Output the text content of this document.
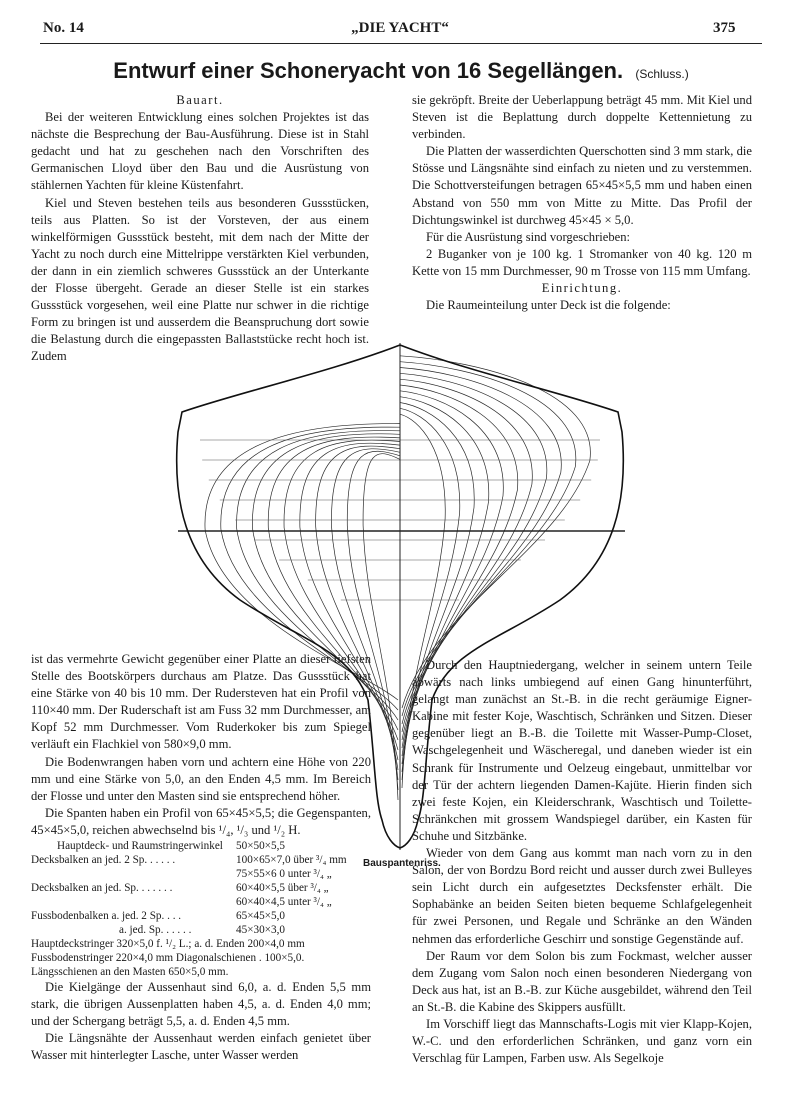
No. 14	„DIE YACHT“	375
Entwurf einer Schoneryacht von 16 Segellängen. (Schluss.)
Bauart.

Bei der weiteren Entwicklung eines solchen Projektes ist das nächste die Besprechung der Bau-Ausführung. Diese ist in Stahl gedacht und hat zu geschehen nach den Vorschriften des Germanischen Lloyd über den Bau und die Ausrüstung von stählernen Yachten für kleine Küstenfahrt.

Kiel und Steven bestehen teils aus besonderen Gussstücken, teils aus Platten. So ist der Vorsteven, der aus einem winkelförmigen Gussstück besteht, mit dem nach der Mitte der Yacht zu noch durch eine Mittelrippe verstärkten Kiel verbunden, der dann in ein ziemlich schweres Gussstück an der Unterkante der Flosse übergeht. Gerade an dieser Stelle ist ein starkes Gussstück vorgesehen, weil eine Platte nur schwer in die richtige Form zu bringen ist und ausserdem die Beanspruchung dort sowie die Belastung durch die eingepassten Ballaststücke recht hoch ist. Zudem

sie gekröpft. Breite der Ueberlappung beträgt 45 mm. Mit Kiel und Steven ist die Beplattung durch doppelte Kettennietung zu verbinden.

Die Platten der wasserdichten Querschotten sind 3 mm stark, die Stösse und Längsnähte sind einfach zu nieten und zu verstemmen. Die Schottversteifungen betragen 65×45×5,5 mm und haben einen Abstand von 550 mm von Mitte zu Mitte. Das Profil der Dichtungswinkel ist durchweg 45×45 × 5,0.

Für die Ausrüstung sind vorgeschrieben:

2 Buganker von je 100 kg. 1 Stromanker von 40 kg. 120 m Kette von 15 mm Durchmesser, 90 m Trosse von 115 mm Umfang.

Einrichtung.

Die Raumeinteilung unter Deck ist die folgende:

Bauspantenriss.

ist das vermehrte Gewicht gegenüber einer Platte an dieser tiefsten Stelle des Bootskörpers durchaus am Platze. Das Gussstück hat eine Stärke von 40 bis 10 mm. Der Rudersteven hat ein Profil von 110×40 mm. Der Ruderschaft ist am Fuss 32 mm Durchmesser, am Kopf 52 mm Durchmesser. Vom Ruderkoker bis zum Spiegel verläuft ein Flachkiel von 580×9,0 mm.

Die Bodenwrangen haben vorn und achtern eine Höhe von 220 mm und eine Stärke von 5,0, an den Enden 4,5 mm. Im Bereich der Flosse und unter den Masten sind sie entsprechend höher.

Die Spanten haben ein Profil von 65×45×5,5; die Gegenspanten, 45×45×5,0, reichen abwechselnd bis ¹/₄, ¹/₃ und ¹/₂ H.

Hauptdeck- und Raumstringerwinkel	50×50×5,5
Decksbalken an jed. 2 Sp. . . . . .	100×65×7,0 über ³/₄ mm
75×55×6 0 unter ³/₄ „
Decksbalken an jed. Sp. . . . . . .	60×40×5,5 über ³/₄ „
60×40×4,5 unter ³/₄ „
Fussbodenbalken a. jed. 2 Sp. . . .	65×45×5,0
a. jed. Sp. . . . . .	45×30×3,0
Hauptdeckstringer 320×5,0 f. ¹/₂ L.; a. d. Enden 200×4,0 mm
Fussbodenstringer 220×4,0 mm Diagonalschienen . 100×5,0.
Längsschienen an den Masten 650×5,0 mm.

Die Kielgänge der Aussenhaut sind 6,0, a. d. Enden 5,5 mm stark, die übrigen Aussenplatten haben 4,5, a. d. Enden 4,0 mm; und der Schergang beträgt 5,5, a. d. Enden 4,5 mm.

Die Längsnähte der Aussenhaut werden einfach genietet über Wasser mit hinterlegter Lasche, unter Wasser werden

Durch den Hauptniedergang, welcher in seinem untern Teile abwärts nach links umbiegend auf einen Gang hinunterführt, gelangt man zunächst an St.-B. in die recht geräumige Eigner-Kabine mit fester Koje, Waschtisch, Schränken und Sitzen. Dieser gegenüber liegt an B.-B. die Toilette mit Wasser-Pump-Closet, Waschgelegenheit und Wäscheregal, und daneben wieder ist ein Schrank für Instrumente und Oelzeug eingebaut, unmittelbar vor der Tür der achtern liegenden Damen-Kajüte. Hierin finden sich zwei feste Kojen, ein Kleiderschrank, Waschtisch und Toilette-Schränkchen mit grossem Wandspiegel darüber, ein Kasten für Schuhe und Sitzbänke.

Wieder von dem Gang aus kommt man nach vorn zu in den Salon, der von Bordzu Bord reicht und ausser durch zwei Bulleyes sein Licht durch ein aufgesetztes Decksfenster erhält. Die Sophabänke an beiden Seiten bieten bequeme Schlafgelegenheit für zwei Personen, und Regale und Schränke an den Wänden nehmen das erforderliche Geschirr und sonstige Gegenstände auf.

Der Raum vor dem Solon bis zum Fockmast, welcher ausser dem Zugang vom Salon noch einen besonderen Niedergang von Deck aus hat, ist an B.-B. zur Küche ausgebildet, während den Teil an St.-B. die Kabine des Skippers ausfüllt.

Im Vorschiff liegt das Mannschafts-Logis mit vier Klapp-Kojen, W.-C. und den erforderlichen Schränken, und ganz vorn ein Verschlag für Lampen, Farben usw. Als Segelkoje
